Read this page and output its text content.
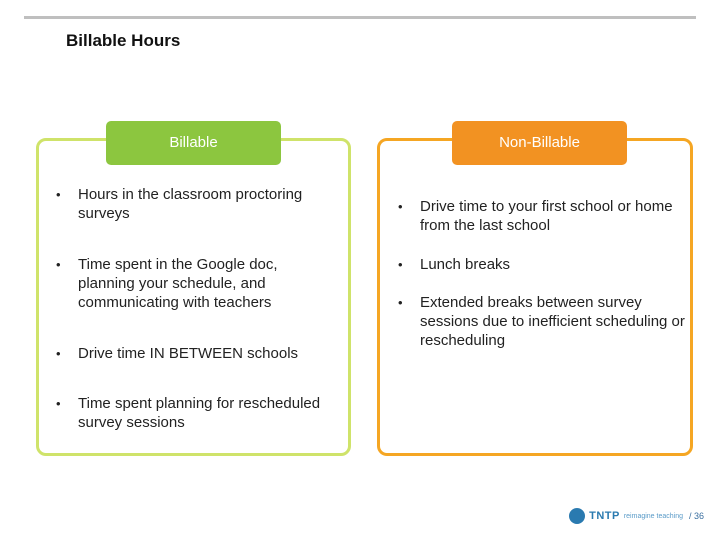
Billable Hours
Billable	Non-Billable
• Hours in the classroom proctoring surveys
• Time spent in the Google doc, planning your schedule, and communicating with teachers
• Drive time IN BETWEEN schools
• Time spent planning for rescheduled survey sessions
• Drive time to your first school or home from the last school
• Lunch breaks
• Extended breaks between survey sessions due to inefficient scheduling or rescheduling
TNTP reimagine teaching / 36
